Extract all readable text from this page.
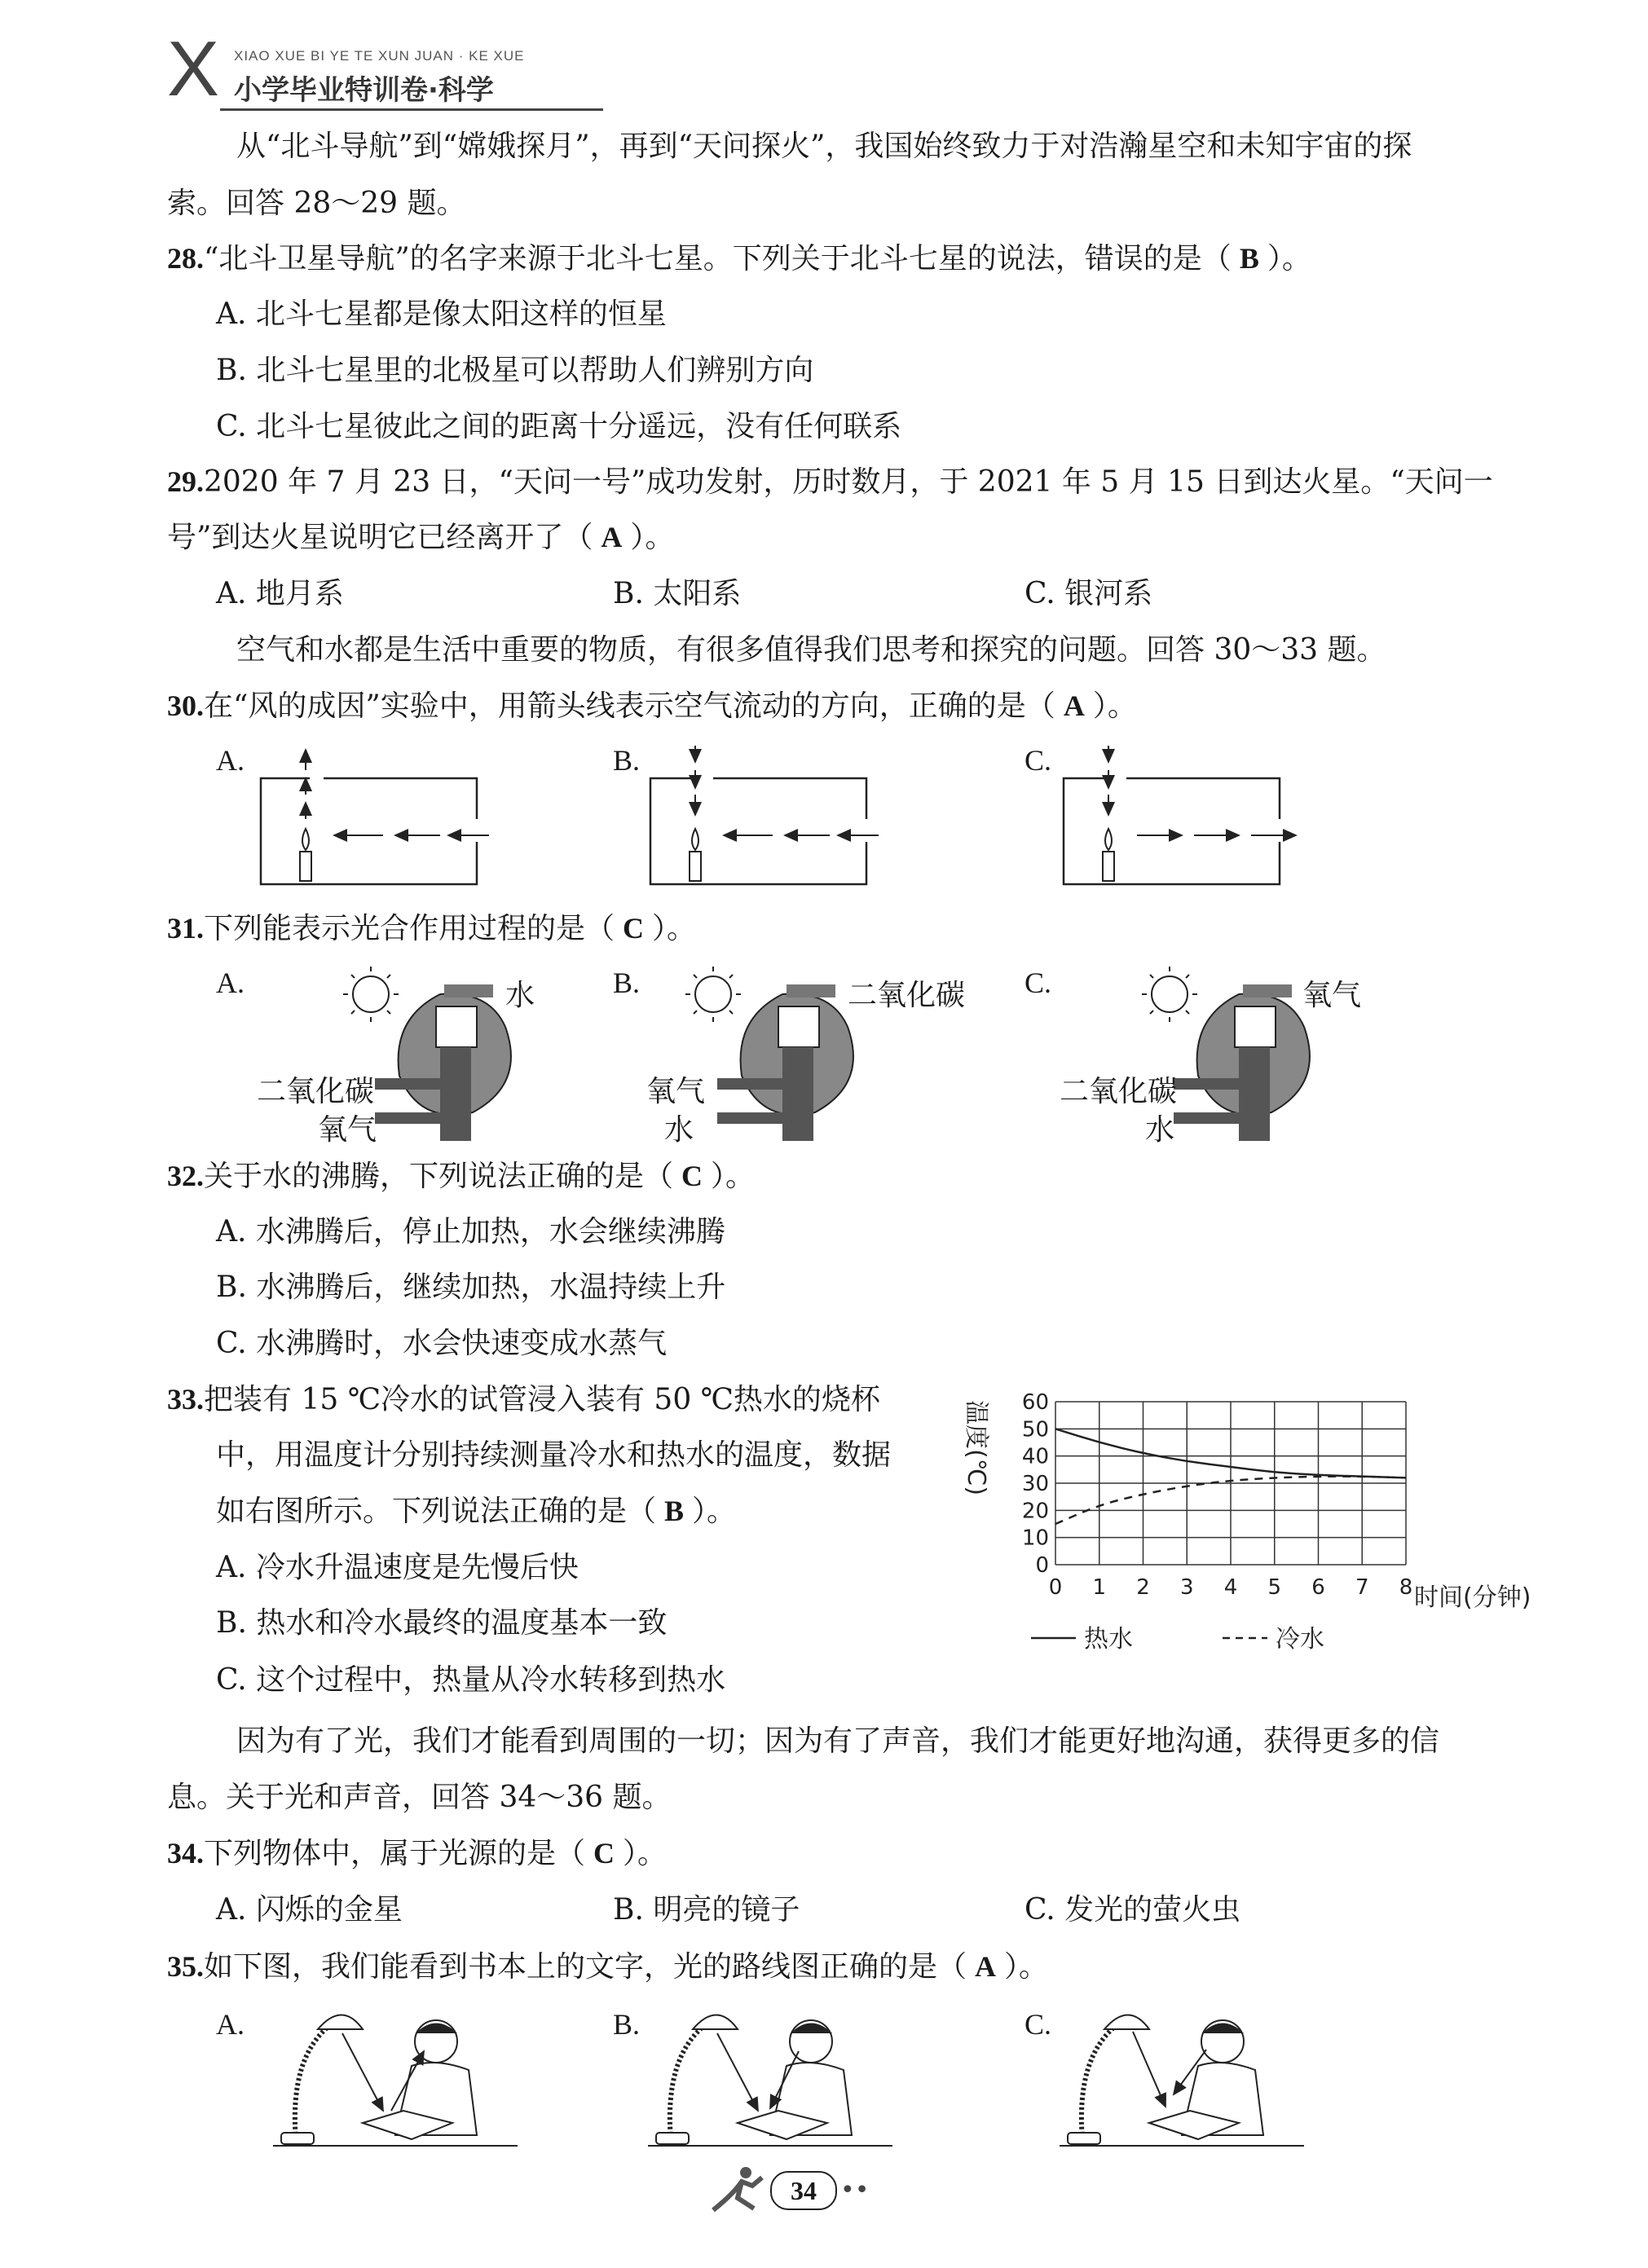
X XIAO XUE BI YE TE XUN JUAN · KE XUE
小学毕业特训卷·科学
从“北斗导航”到“嫦娥探月”，再到“天问探火”，我国始终致力于对浩瀚星空和未知宇宙的探
索。回答 28～29 题。
28.“北斗卫星导航”的名字来源于北斗七星。下列关于北斗七星的说法，错误的是（ B ）。
A. 北斗七星都是像太阳这样的恒星
B. 北斗七星里的北极星可以帮助人们辨别方向
C. 北斗七星彼此之间的距离十分遥远，没有任何联系
29.2020 年 7 月 23 日，“天问一号”成功发射，历时数月，于 2021 年 5 月 15 日到达火星。“天问一
号”到达火星说明它已经离开了（ A ）。
A. 地月系	B. 太阳系	C. 银河系
空气和水都是生活中重要的物质，有很多值得我们思考和探究的问题。回答 30～33 题。
30.在“风的成因”实验中，用箭头线表示空气流动的方向，正确的是（ A ）。
A.	B.	C.
31.下列能表示光合作用过程的是（ C ）。
A.	水
二氧化碳
氧气
B.	二氧化碳
氧气
水
C.	氧气
二氧化碳
水
32.关于水的沸腾，下列说法正确的是（ C ）。
A. 水沸腾后，停止加热，水会继续沸腾
B. 水沸腾后，继续加热，水温持续上升
C. 水沸腾时，水会快速变成水蒸气
33.把装有 15 ℃冷水的试管浸入装有 50 ℃热水的烧杯
中，用温度计分别持续测量冷水和热水的温度，数据
如右图所示。下列说法正确的是（ B ）。
A. 冷水升温速度是先慢后快
B. 热水和冷水最终的温度基本一致
C. 这个过程中，热量从冷水转移到热水
0
10
20
30
40
50
60
0 1 2 3 4 5 6 7 8
温度(℃)
时间(分钟)
热水	冷水
因为有了光，我们才能看到周围的一切；因为有了声音，我们才能更好地沟通，获得更多的信
息。关于光和声音，回答 34～36 题。
34.下列物体中，属于光源的是（ C ）。
A. 闪烁的金星	B. 明亮的镜子	C. 发光的萤火虫
35.如下图，我们能看到书本上的文字，光的路线图正确的是（ A ）。
A.	B.	C.
34 ••
